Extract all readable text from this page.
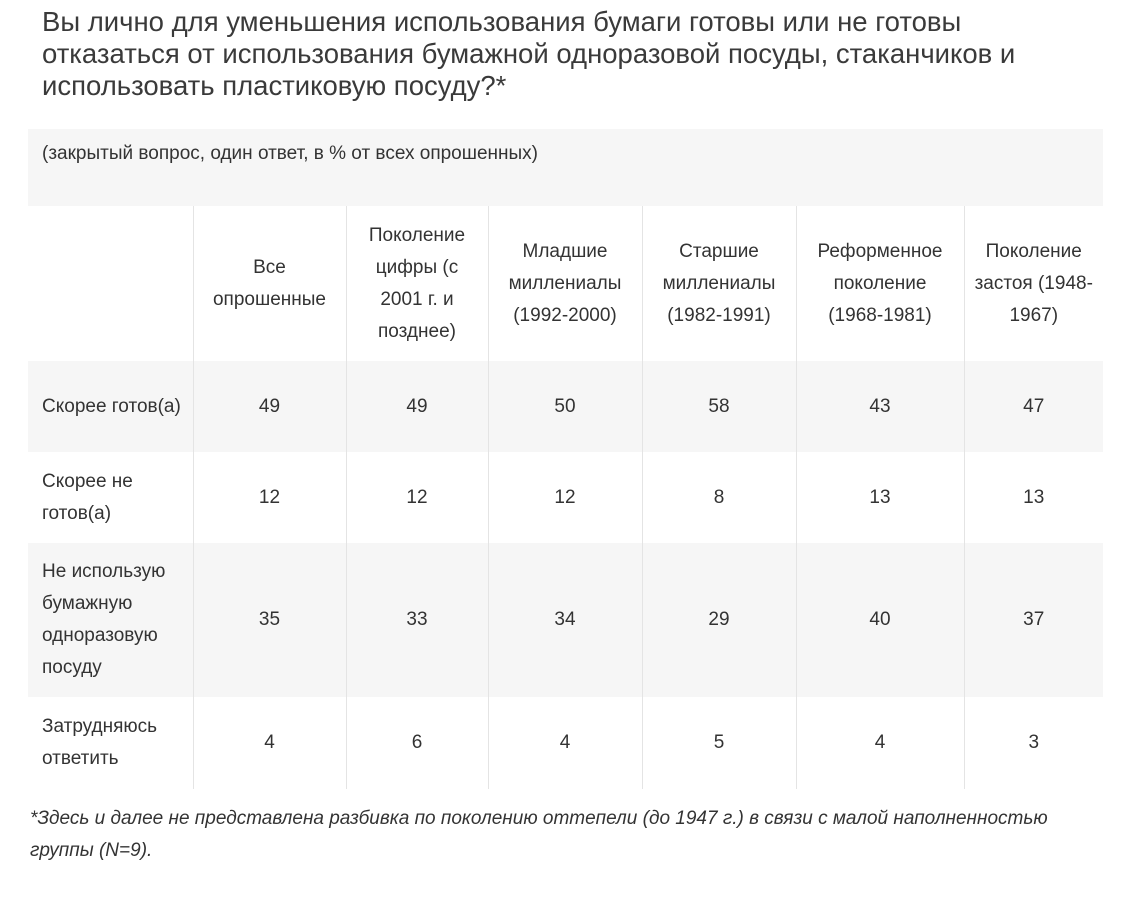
Вы лично для уменьшения использования бумаги готовы или не готовы отказаться от использования бумажной одноразовой посуды, стаканчиков и использовать пластиковую посуду?*
(закрытый вопрос, один ответ, в % от всех опрошенных)
	Все опрошенные	Поколение цифры (с 2001 г. и позднее)	Младшие миллениалы (1992-2000)	Старшие миллениалы (1982-1991)	Реформенное поколение (1968-1981)	Поколение застоя (1948-1967)
Скорее готов(а)	49	49	50	58	43	47
Скорее не готов(а)	12	12	12	8	13	13
Не использую бумажную одноразовую посуду	35	33	34	29	40	37
Затрудняюсь ответить	4	6	4	5	4	3
*Здесь и далее не представлена разбивка по поколению оттепели (до 1947 г.) в связи с малой наполненностью группы (N=9).
